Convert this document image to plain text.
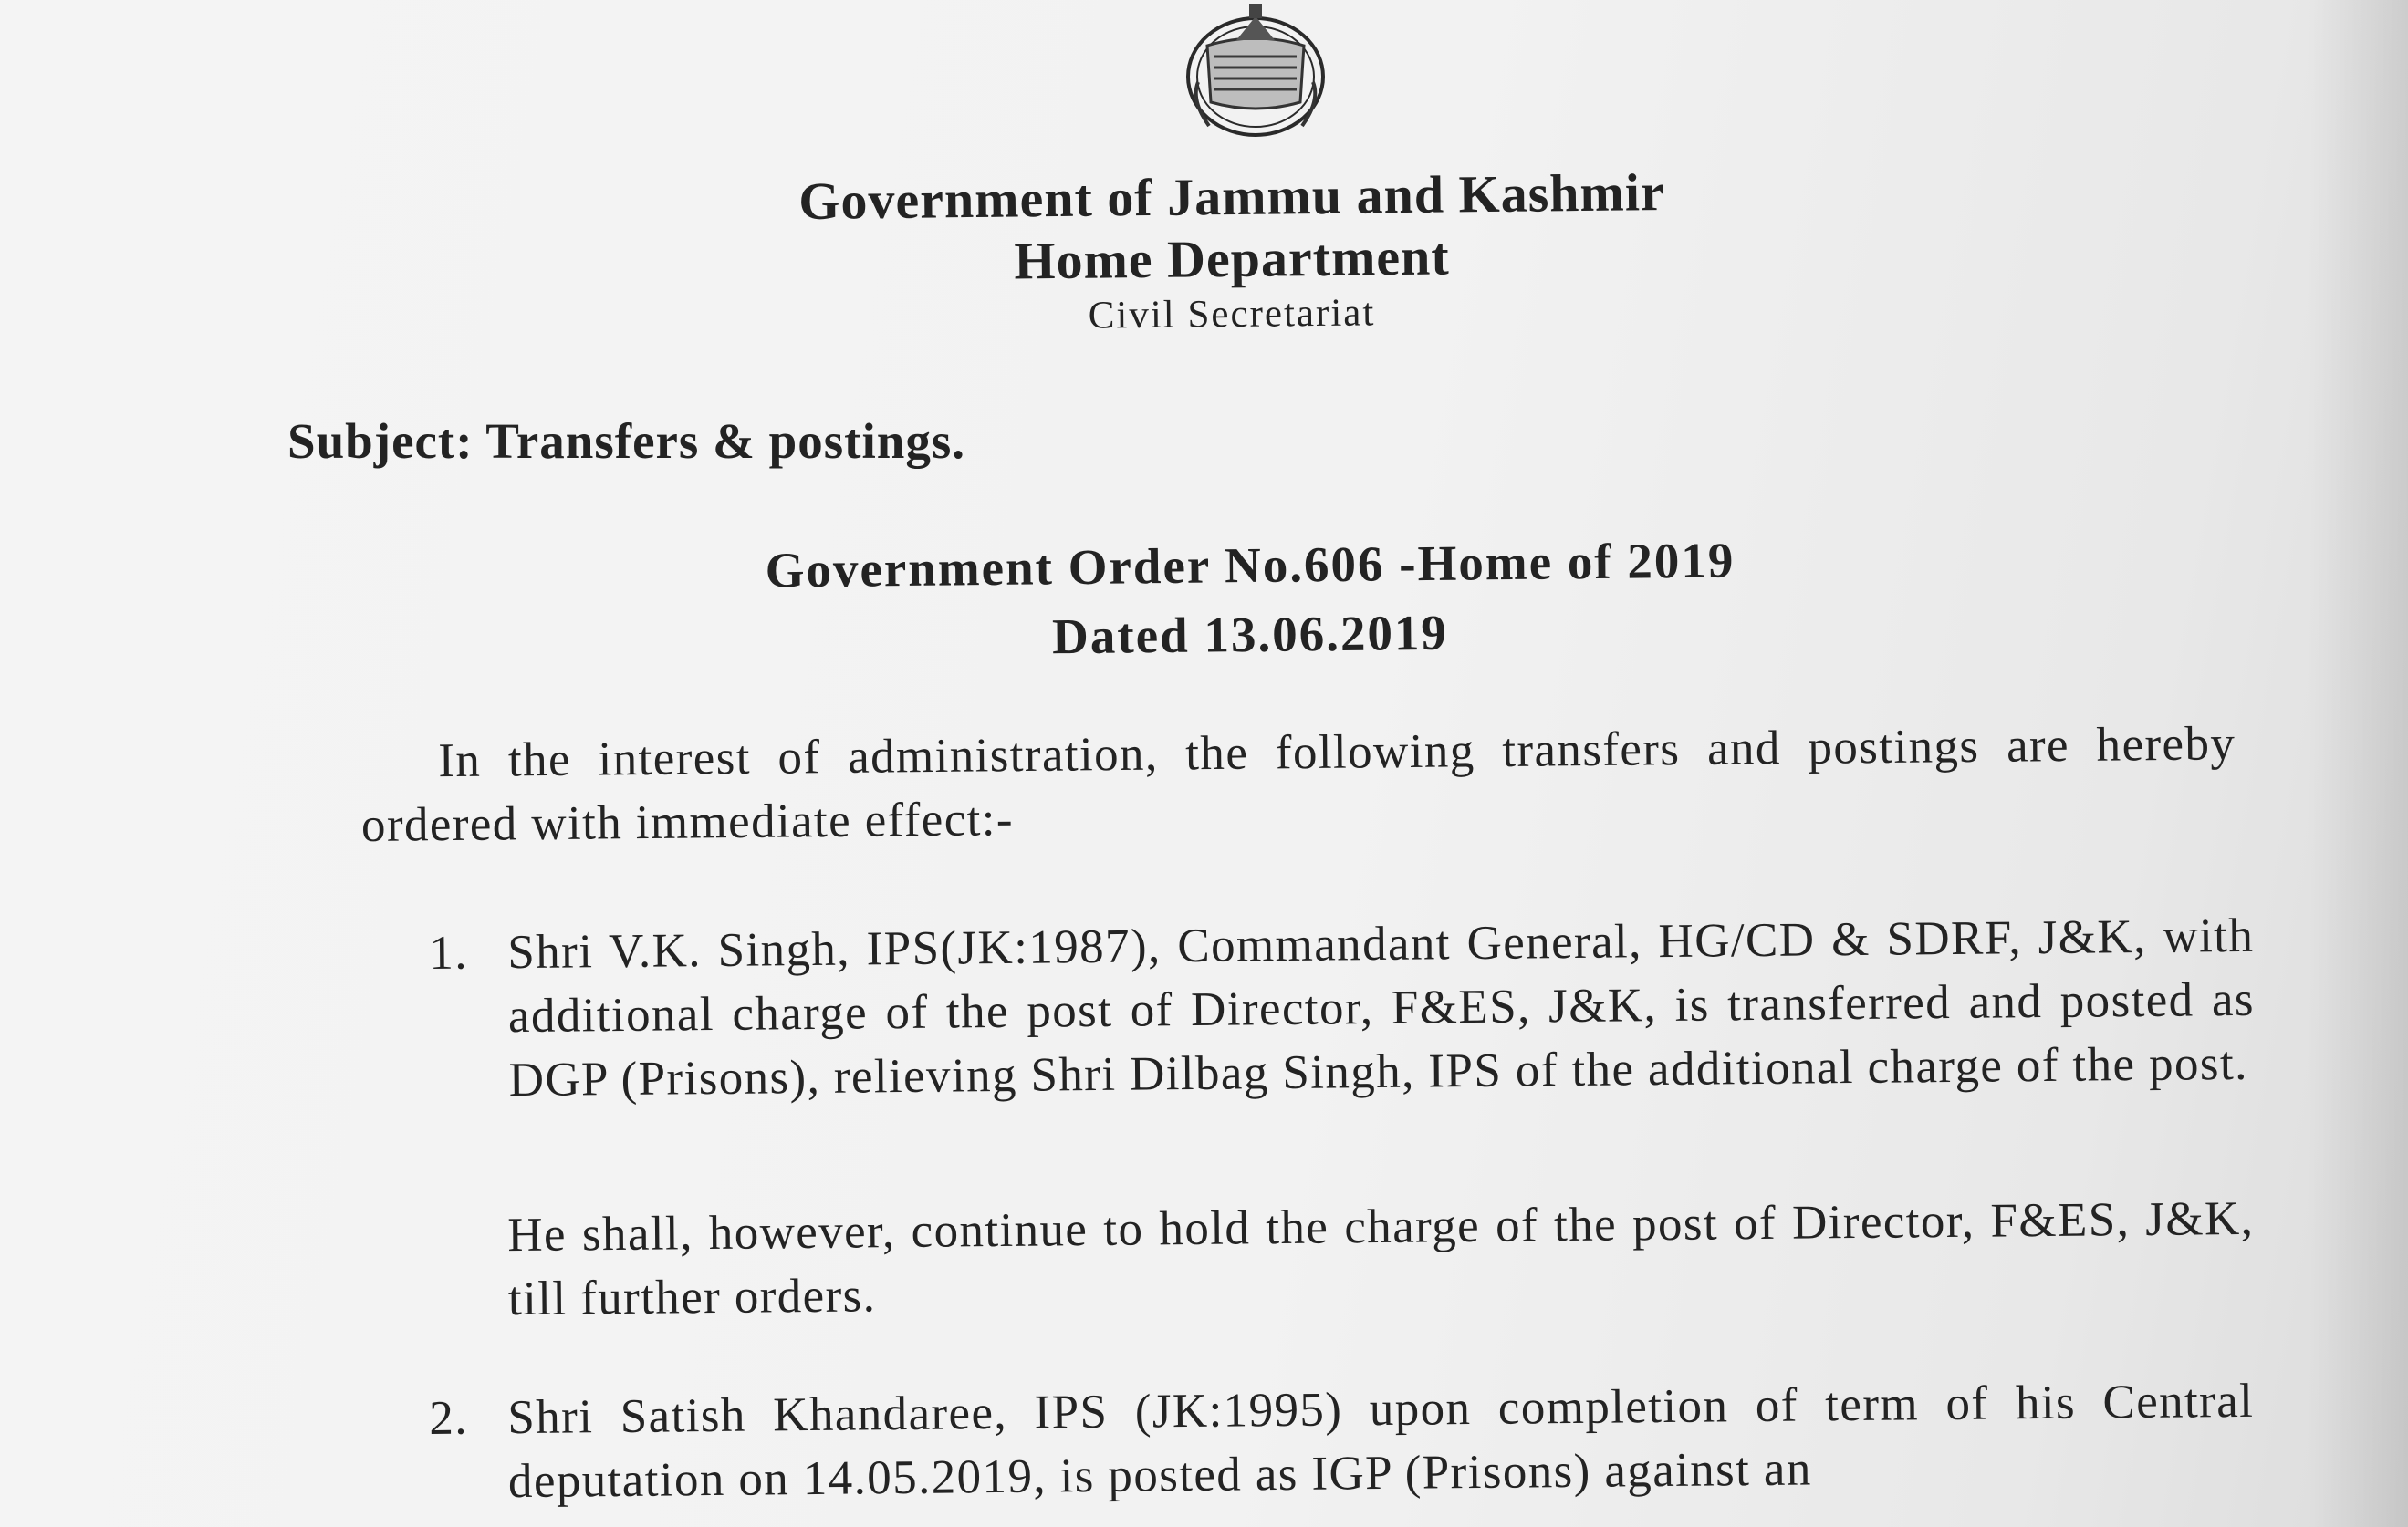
Government of Jammu and Kashmir
Home Department
Civil Secretariat
Subject: Transfers & postings.
Government Order No.606 -Home of 2019
Dated 13.06.2019
In the interest of administration, the following transfers and postings are hereby ordered with immediate effect:-
1. Shri V.K. Singh, IPS(JK:1987), Commandant General, HG/CD & SDRF, J&K, with additional charge of the post of Director, F&ES, J&K, is transferred and posted as DGP (Prisons), relieving Shri Dilbag Singh, IPS of the additional charge of the post.
He shall, however, continue to hold the charge of the post of Director, F&ES, J&K, till further orders.
2. Shri Satish Khandaree, IPS (JK:1995) upon completion of term of his Central deputation on 14.05.2019, is posted as IGP (Prisons) against an
